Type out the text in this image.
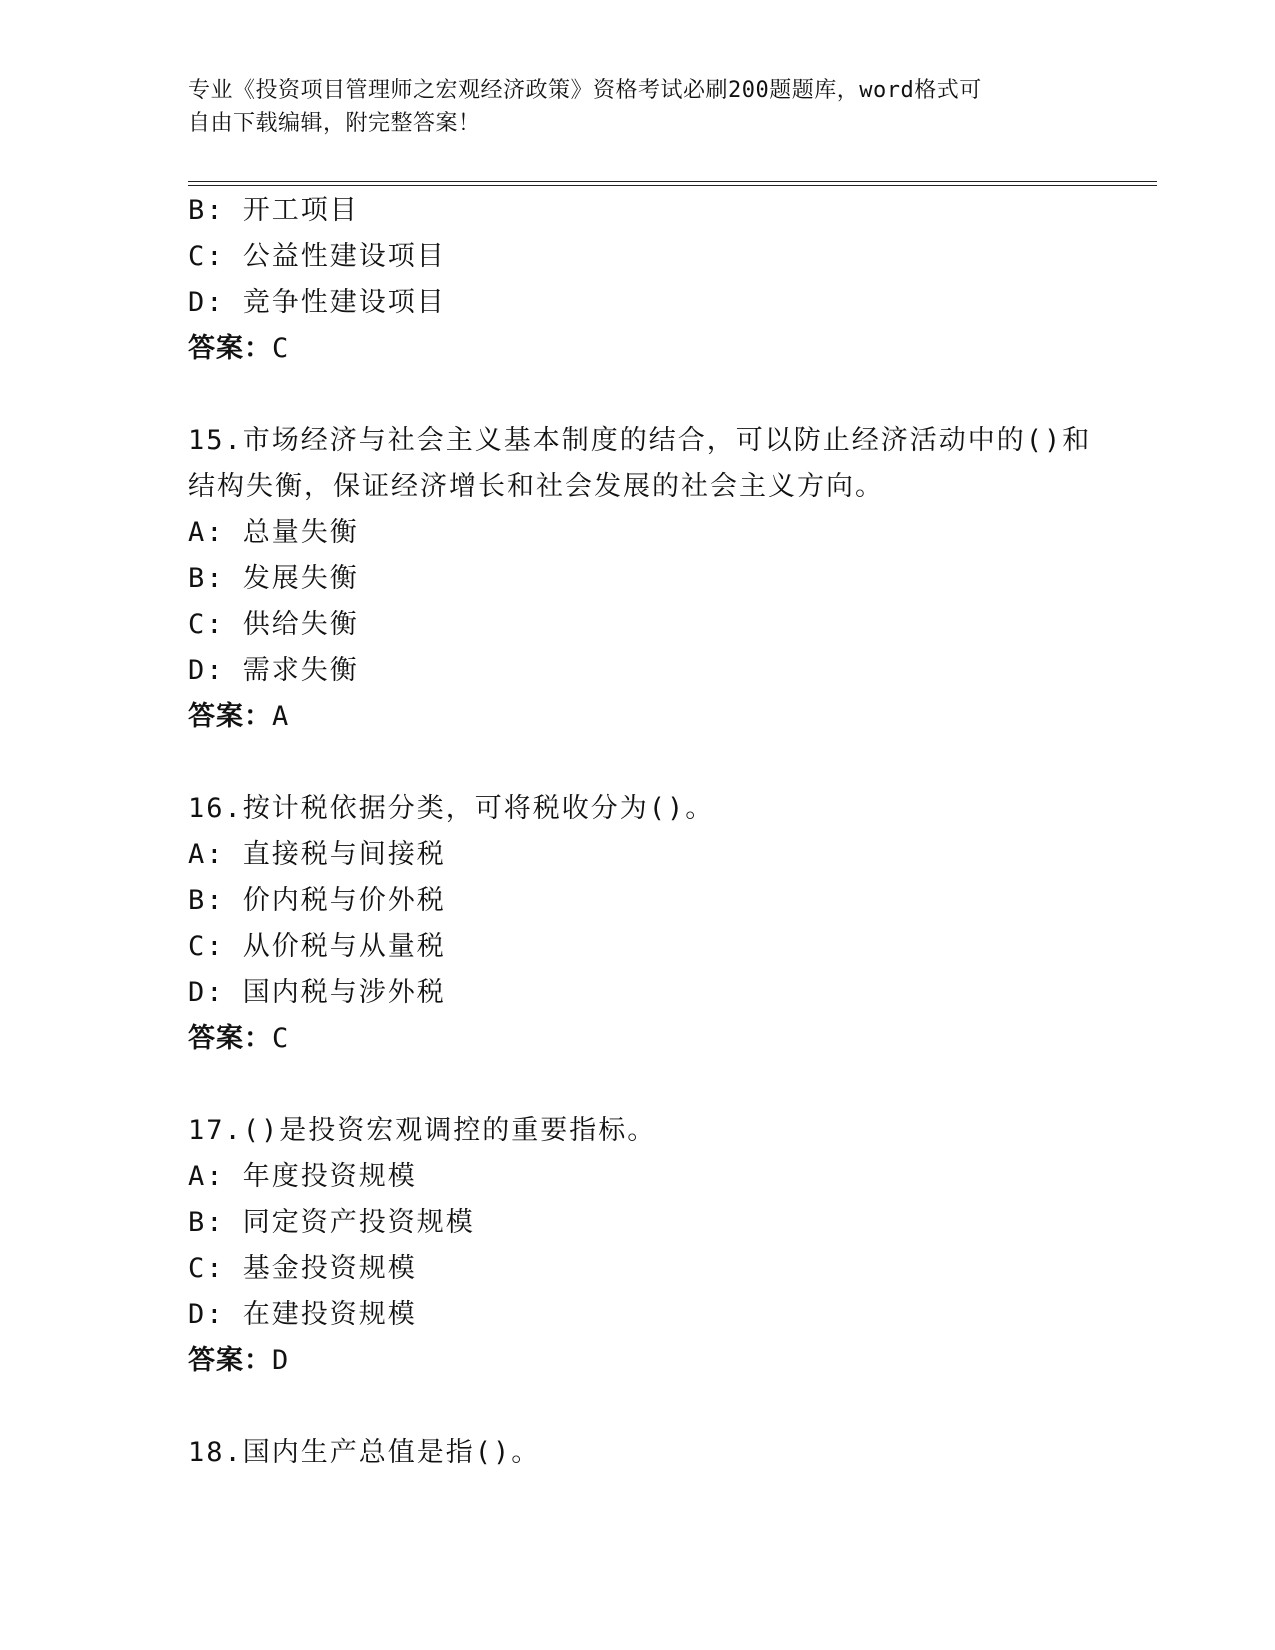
专业《投资项目管理师之宏观经济政策》资格考试必刷200题题库，word格式可
自由下载编辑，附完整答案！
B: 开工项目
C: 公益性建设项目
D: 竞争性建设项目
答案：C
15.市场经济与社会主义基本制度的结合，可以防止经济活动中的()和
结构失衡，保证经济增长和社会发展的社会主义方向。
A: 总量失衡
B: 发展失衡
C: 供给失衡
D: 需求失衡
答案：A
16.按计税依据分类，可将税收分为()。
A: 直接税与间接税
B: 价内税与价外税
C: 从价税与从量税
D: 国内税与涉外税
答案：C
17.()是投资宏观调控的重要指标。
A: 年度投资规模
B: 同定资产投资规模
C: 基金投资规模
D: 在建投资规模
答案：D
18.国内生产总值是指()。
